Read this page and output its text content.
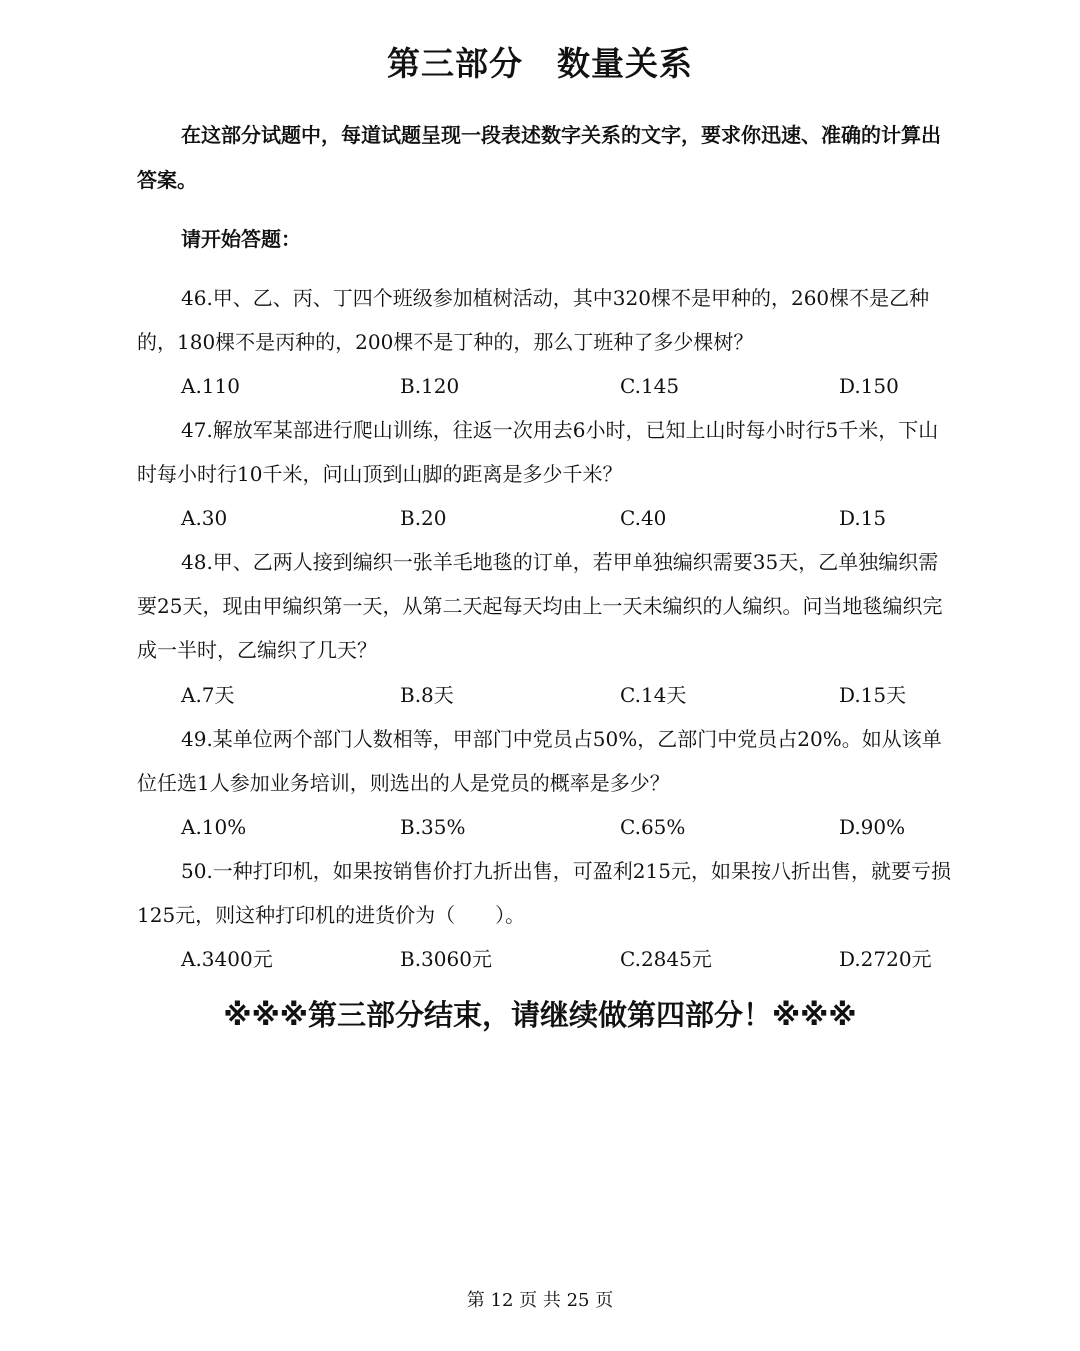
第三部分　数量关系

在这部分试题中，每道试题呈现一段表述数字关系的文字，要求你迅速、准确的计算出答案。

请开始答题：

46.甲、乙、丙、丁四个班级参加植树活动，其中320棵不是甲种的，260棵不是乙种的，180棵不是丙种的，200棵不是丁种的，那么丁班种了多少棵树？

A.110	B.120	C.145	D.150

47.解放军某部进行爬山训练，往返一次用去6小时，已知上山时每小时行5千米，下山时每小时行10千米，问山顶到山脚的距离是多少千米？

A.30	B.20	C.40	D.15

48.甲、乙两人接到编织一张羊毛地毯的订单，若甲单独编织需要35天，乙单独编织需要25天，现由甲编织第一天，从第二天起每天均由上一天未编织的人编织。问当地毯编织完成一半时，乙编织了几天？

A.7天	B.8天	C.14天	D.15天

49.某单位两个部门人数相等，甲部门中党员占50%，乙部门中党员占20%。如从该单位任选1人参加业务培训，则选出的人是党员的概率是多少？

A.10%	B.35%	C.65%	D.90%

50.一种打印机，如果按销售价打九折出售，可盈利215元，如果按八折出售，就要亏损125元，则这种打印机的进货价为（　　）。

A.3400元	B.3060元	C.2845元	D.2720元
※※※第三部分结束，请继续做第四部分！※※※
第 12 页 共 25 页
